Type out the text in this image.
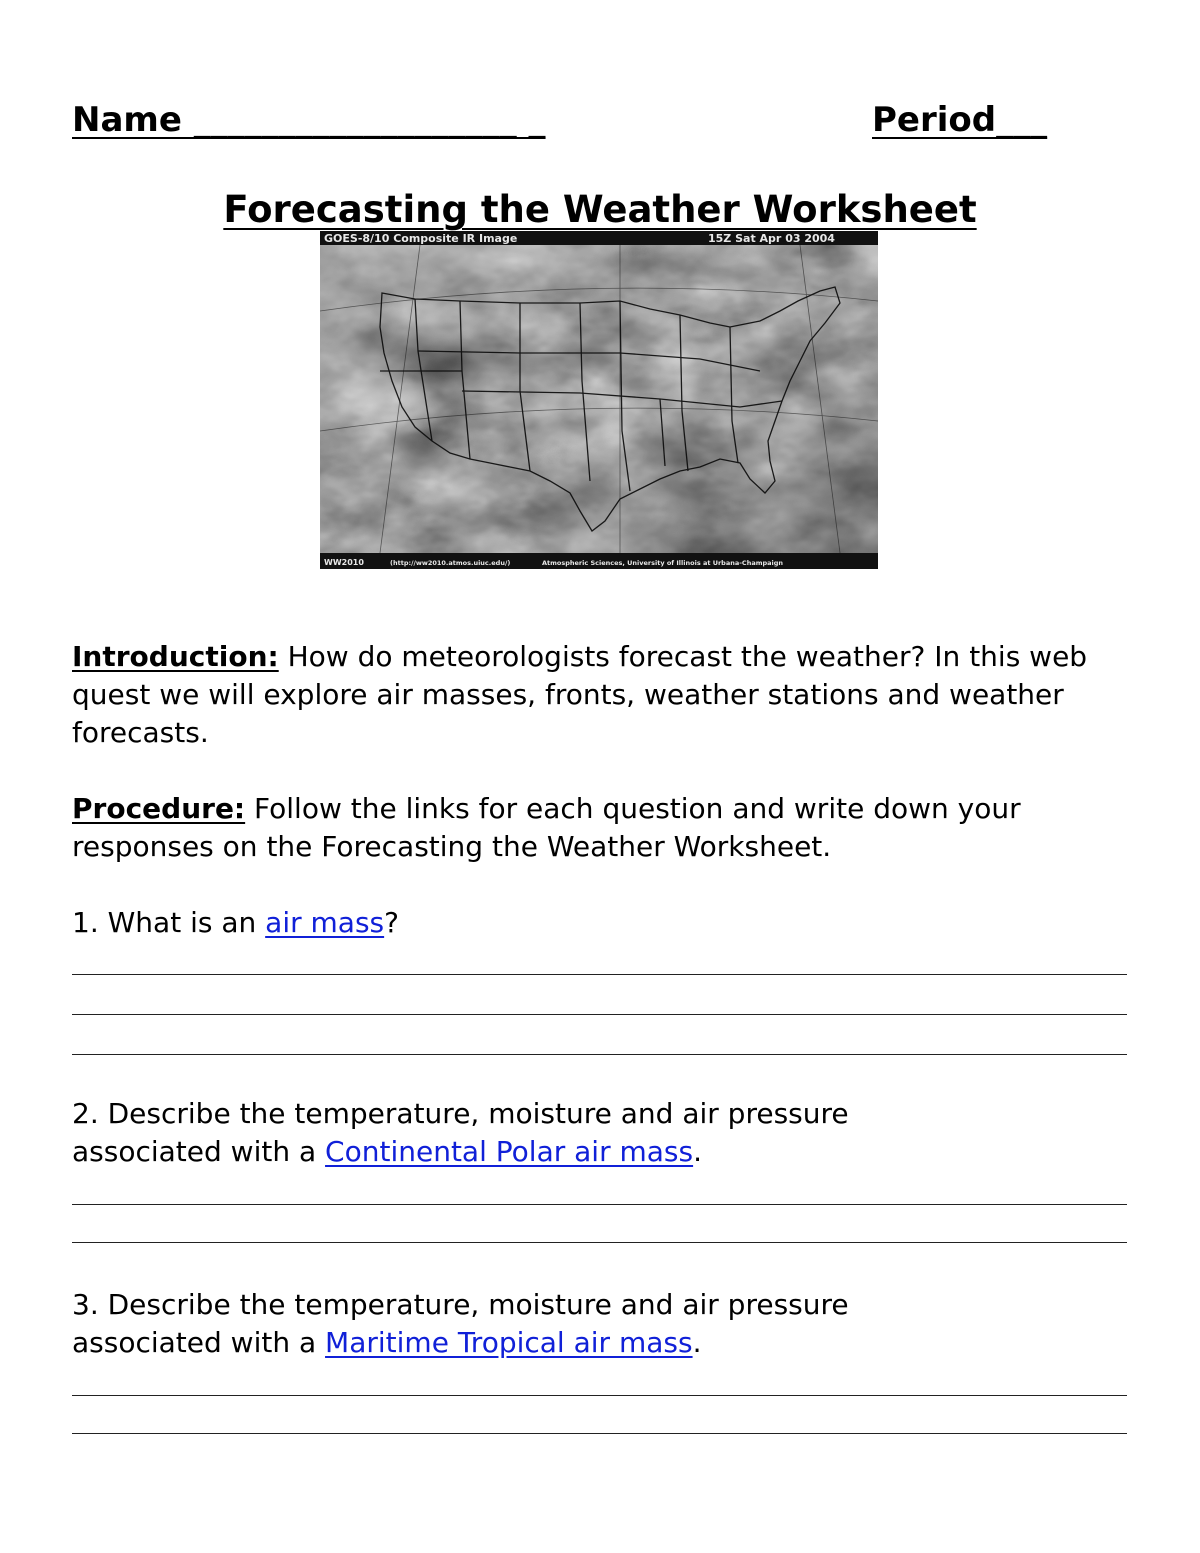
Name ___________________ _	Period___
Forecasting the Weather Worksheet
GOES-8/10 Composite IR Image	15Z Sat Apr 03 2004
WW2010	(http://ww2010.atmos.uiuc.edu/)	Atmospheric Sciences, University of Illinois at Urbana-Champaign
Introduction: How do meteorologists forecast the weather? In this web quest we will explore air masses, fronts, weather stations and weather forecasts.
Procedure: Follow the links for each question and write down your responses on the Forecasting the Weather Worksheet.
1. What is an air mass?
2. Describe the temperature, moisture and air pressure associated with a Continental Polar air mass.
3. Describe the temperature, moisture and air pressure associated with a Maritime Tropical air mass.
